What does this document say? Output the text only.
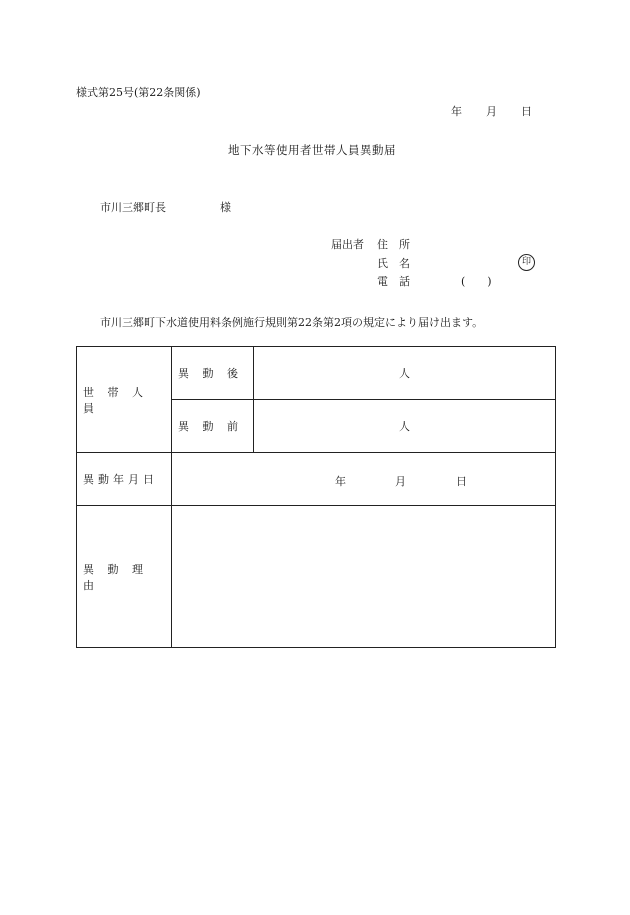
様式第25号(第22条関係)
年 月 日
地下水等使用者世帯人員異動届
市川三郷町長	様
届出者 住　所
氏　名	印
電　話	(　　)
市川三郷町下水道使用料条例施行規則第22条第2項の規定により届け出ます。
世 帯 人 員	異 動 後	人
	異 動 前	人
異動年月日	年 月 日	

異 動 理 由		
